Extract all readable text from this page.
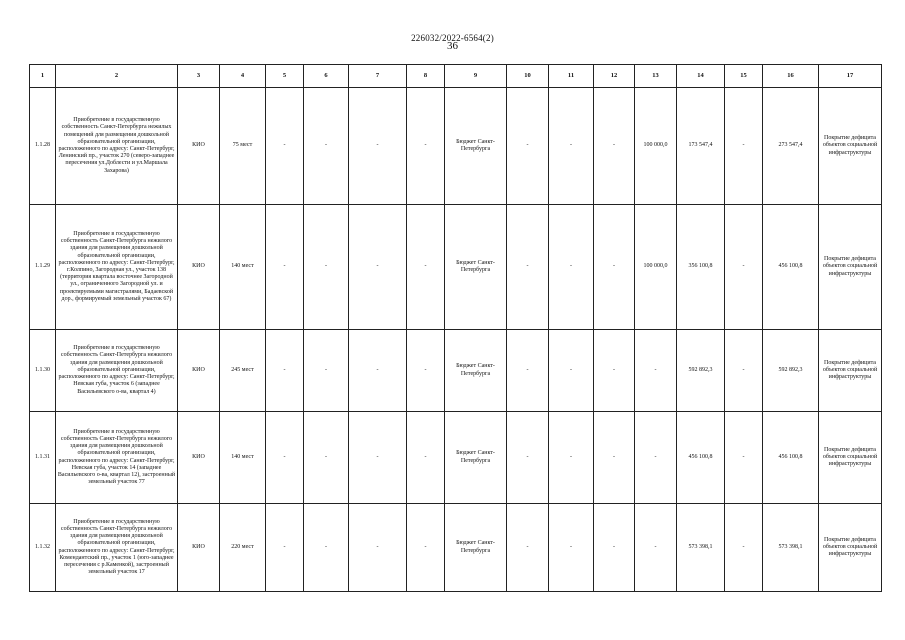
226032/2022-6564(2)
36
1	2	3	4	5	6	7	8	9	10	11	12	13	14	15	16	17
1.1.28	Приобретение в государственную собственность Санкт-Петербурга нежилых помещений для размещения дошкольной образовательной организации, расположенного по адресу: Санкт-Петербург, Ленинский пр., участок 270 (северо-западнее пересечения ул.Доблести и ул.Маршала Захарова)	КИО	75 мест	-	-	-	-	Бюджет Санкт-Петербурга	-	-	-	100 000,0	173 547,4	-	273 547,4	Покрытие дефицита объектов социальной инфраструктуры
1.1.29	Приобретение в государственную собственность Санкт-Петербурга нежилого здания для размещения дошкольной образовательной организации, расположенного по адресу: Санкт-Петербург, г.Колпино, Загородная ул., участок 138 (территория квартала восточнее Загородной ул., ограниченного Загородной ул. и проектируемыми магистралями, Бадаевской дор., формируемый земельный участок 67)	КИО	140 мест	-	-	-	-	Бюджет Санкт-Петербурга	-	-	-	100 000,0	356 100,8	-	456 100,8	Покрытие дефицита объектов социальной инфраструктуры
1.1.30	Приобретение в государственную собственность Санкт-Петербурга нежилого здания для размещения дошкольной образовательной организации, расположенного по адресу: Санкт-Петербург, Невская губа, участок 6 (западнее Васильевского о-ва, квартал 4)	КИО	245 мест	-	-	-	-	Бюджет Санкт-Петербурга	-	-	-	-	592 892,3	-	592 892,3	Покрытие дефицита объектов социальной инфраструктуры
1.1.31	Приобретение в государственную собственность Санкт-Петербурга нежилого здания для размещения дошкольной образовательной организации, расположенного по адресу: Санкт-Петербург, Невская губа, участок 14 (западнее Васильевского о-ва, квартал 12), застроенный земельный участок 77	КИО	140 мест	-	-	-	-	Бюджет Санкт-Петербурга	-	-	-	-	456 100,8	-	456 100,8	Покрытие дефицита объектов социальной инфраструктуры
1.1.32	Приобретение в государственную собственность Санкт-Петербурга нежилого здания для размещения дошкольной образовательной организации, расположенного по адресу: Санкт-Петербург, Комендантский пр., участок 1 (юго-западнее пересечения с р.Каменкой), застроенный земельный участок 17	КИО	220 мест	-	-	-	-	Бюджет Санкт-Петербурга	-	-	-	-	573 398,1	-	573 398,1	Покрытие дефицита объектов социальной инфраструктуры
